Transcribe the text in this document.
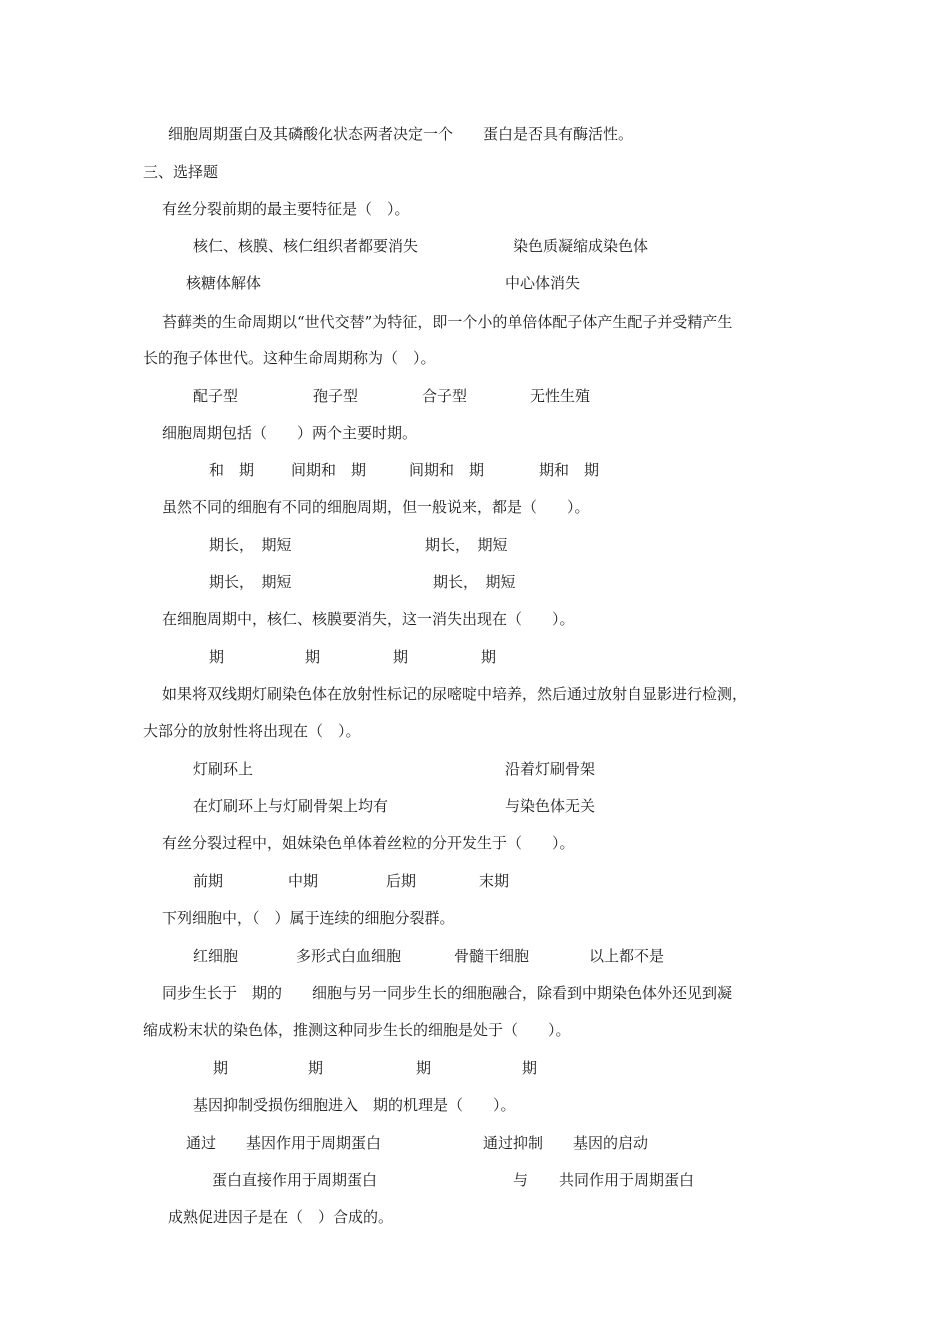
细胞周期蛋白及其磷酸化状态两者决定一个　　蛋白是否具有酶活性。
三、选择题
有丝分裂前期的最主要特征是（　）。
核仁、核膜、核仁组织者都要消失	染色质凝缩成染色体
核糖体解体	中心体消失
苔藓类的生命周期以“世代交替”为特征，即一个小的单倍体配子体产生配子并受精产生
长的孢子体世代。这种生命周期称为（　）。
配子型	孢子型	合子型	无性生殖
细胞周期包括（　　）两个主要时期。
和　期 间期和　期	间期和　期	期和　期
虽然不同的细胞有不同的细胞周期，但一般说来，都是（　　）。
期长，　期短	期长，　期短
期长，　期短	期长，　期短
在细胞周期中，核仁、核膜要消失，这一消失出现在（　　）。
期	期	期	期
如果将双线期灯刷染色体在放射性标记的尿嘧啶中培养，然后通过放射自显影进行检测，
大部分的放射性将出现在（　）。
灯刷环上	沿着灯刷骨架
在灯刷环上与灯刷骨架上均有	与染色体无关
有丝分裂过程中，姐妹染色单体着丝粒的分开发生于（　　）。
前期	中期	后期	末期
下列细胞中，（　）属于连续的细胞分裂群。
红细胞	多形式白血细胞	骨髓干细胞	以上都不是
同步生长于　期的　　细胞与另一同步生长的细胞融合，除看到中期染色体外还见到凝
缩成粉末状的染色体，推测这种同步生长的细胞是处于（　　）。
期	期	期	期
基因抑制受损伤细胞进入　期的机理是（　　）。
通过　　基因作用于周期蛋白	通过抑制　　基因的启动
蛋白直接作用于周期蛋白	与 共同作用于周期蛋白
成熟促进因子是在（　）合成的。
